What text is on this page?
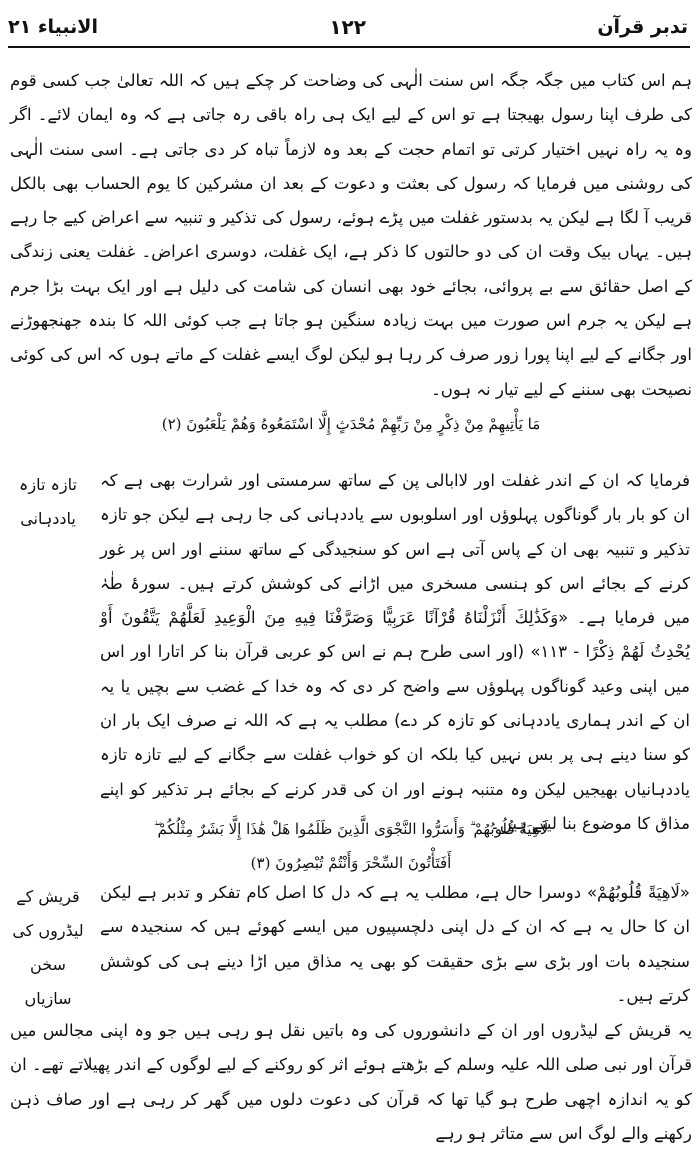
تدبر قرآن
۱۲۲
الانبیاء ۲۱

ہم اس کتاب میں جگہ جگہ اس سنت الٰہی کی وضاحت کر چکے ہیں کہ اللہ تعالیٰ جب کسی قوم کی طرف اپنا رسول بھیجتا ہے تو اس کے لیے ایک ہی راہ باقی رہ جاتی ہے کہ وہ ایمان لائے۔ اگر وہ یہ راہ نہیں اختیار کرتی تو اتمام حجت کے بعد وہ لازماً تباہ کر دی جاتی ہے۔ اسی سنت الٰہی کی روشنی میں فرمایا کہ رسول کی بعثت و دعوت کے بعد ان مشرکین کا یوم الحساب بھی بالکل قریب آ لگا ہے لیکن یہ بدستور غفلت میں پڑے ہوئے، رسول کی تذکیر و تنبیہ سے اعراض کیے جا رہے ہیں۔ یہاں بیک وقت ان کی دو حالتوں کا ذکر ہے، ایک غفلت، دوسری اعراض۔ غفلت یعنی زندگی کے اصل حقائق سے بے پروائی، بجائے خود بھی انسان کی شامت کی دلیل ہے اور ایک بہت بڑا جرم ہے لیکن یہ جرم اس صورت میں بہت زیادہ سنگین ہو جاتا ہے جب کوئی اللہ کا بندہ جھنجھوڑنے اور جگانے کے لیے اپنا پورا زور صرف کر رہا ہو لیکن لوگ ایسے غفلت کے ماتے ہوں کہ اس کی کوئی نصیحت بھی سننے کے لیے تیار نہ ہوں۔

مَا يَأْتِيهِمْ مِنْ ذِكْرٍ مِنْ رَبِّهِمْ مُحْدَثٍ إِلَّا اسْتَمَعُوهُ وَهُمْ يَلْعَبُونَ (۲)

تازہ تازہ یاددہانی

فرمایا کہ ان کے اندر غفلت اور لاابالی پن کے ساتھ سرمستی اور شرارت بھی ہے کہ ان کو بار بار گوناگوں پہلوؤں اور اسلوبوں سے یاددہانی کی جا رہی ہے لیکن جو تازہ تذکیر و تنبیہ بھی ان کے پاس آتی ہے اس کو سنجیدگی کے ساتھ سننے اور اس پر غور کرنے کے بجائے اس کو ہنسی مسخری میں اڑانے کی کوشش کرتے ہیں۔ سورۂ طٰہٰ میں فرمایا ہے۔ «وَكَذَٰلِكَ أَنْزَلْنَاهُ قُرْآنًا عَرَبِيًّا وَصَرَّفْنَا فِيهِ مِنَ الْوَعِيدِ لَعَلَّهُمْ يَتَّقُونَ أَوْ يُحْدِثُ لَهُمْ ذِكْرًا - ۱۱۳» (اور اسی طرح ہم نے اس کو عربی قرآن بنا کر اتارا اور اس میں اپنی وعید گوناگوں پہلوؤں سے واضح کر دی کہ وہ خدا کے غضب سے بچیں یا یہ ان کے اندر ہماری یاددہانی کو تازہ کر دے) مطلب یہ ہے کہ اللہ نے صرف ایک بار ان کو سنا دینے ہی پر بس نہیں کیا بلکہ ان کو خواب غفلت سے جگانے کے لیے تازہ تازہ یاددہانیاں بھیجیں لیکن وہ متنبہ ہونے اور ان کی قدر کرنے کے بجائے ہر تذکیر کو اپنے مذاق کا موضوع بنا لیتے ہیں۔

لَاهِيَةً قُلُوبُهُمْ ۗ وَأَسَرُّوا النَّجْوَى الَّذِينَ ظَلَمُوا هَلْ هَٰذَا إِلَّا بَشَرٌ مِثْلُكُمْ ۖ

أَفَتَأْتُونَ السِّحْرَ وَأَنْتُمْ تُبْصِرُونَ (۳)

قریش کے لیڈروں کی سخن سازیاں

«لَاهِيَةً قُلُوبُهُمْ» دوسرا حال ہے، مطلب یہ ہے کہ دل کا اصل کام تفکر و تدبر ہے لیکن ان کا حال یہ ہے کہ ان کے دل اپنی دلچسپیوں میں ایسے کھوئے ہیں کہ سنجیدہ سے سنجیدہ بات اور بڑی سے بڑی حقیقت کو بھی یہ مذاق میں اڑا دینے ہی کی کوشش کرتے ہیں۔

یہ قریش کے لیڈروں اور ان کے دانشوروں کی وہ باتیں نقل ہو رہی ہیں جو وہ اپنی مجالس میں قرآن اور نبی صلی اللہ علیہ وسلم کے بڑھتے ہوئے اثر کو روکنے کے لیے لوگوں کے اندر پھیلاتے تھے۔ ان کو یہ اندازہ اچھی طرح ہو گیا تھا کہ قرآن کی دعوت دلوں میں گھر کر رہی ہے اور صاف ذہن رکھنے والے لوگ اس سے متاثر ہو رہے
